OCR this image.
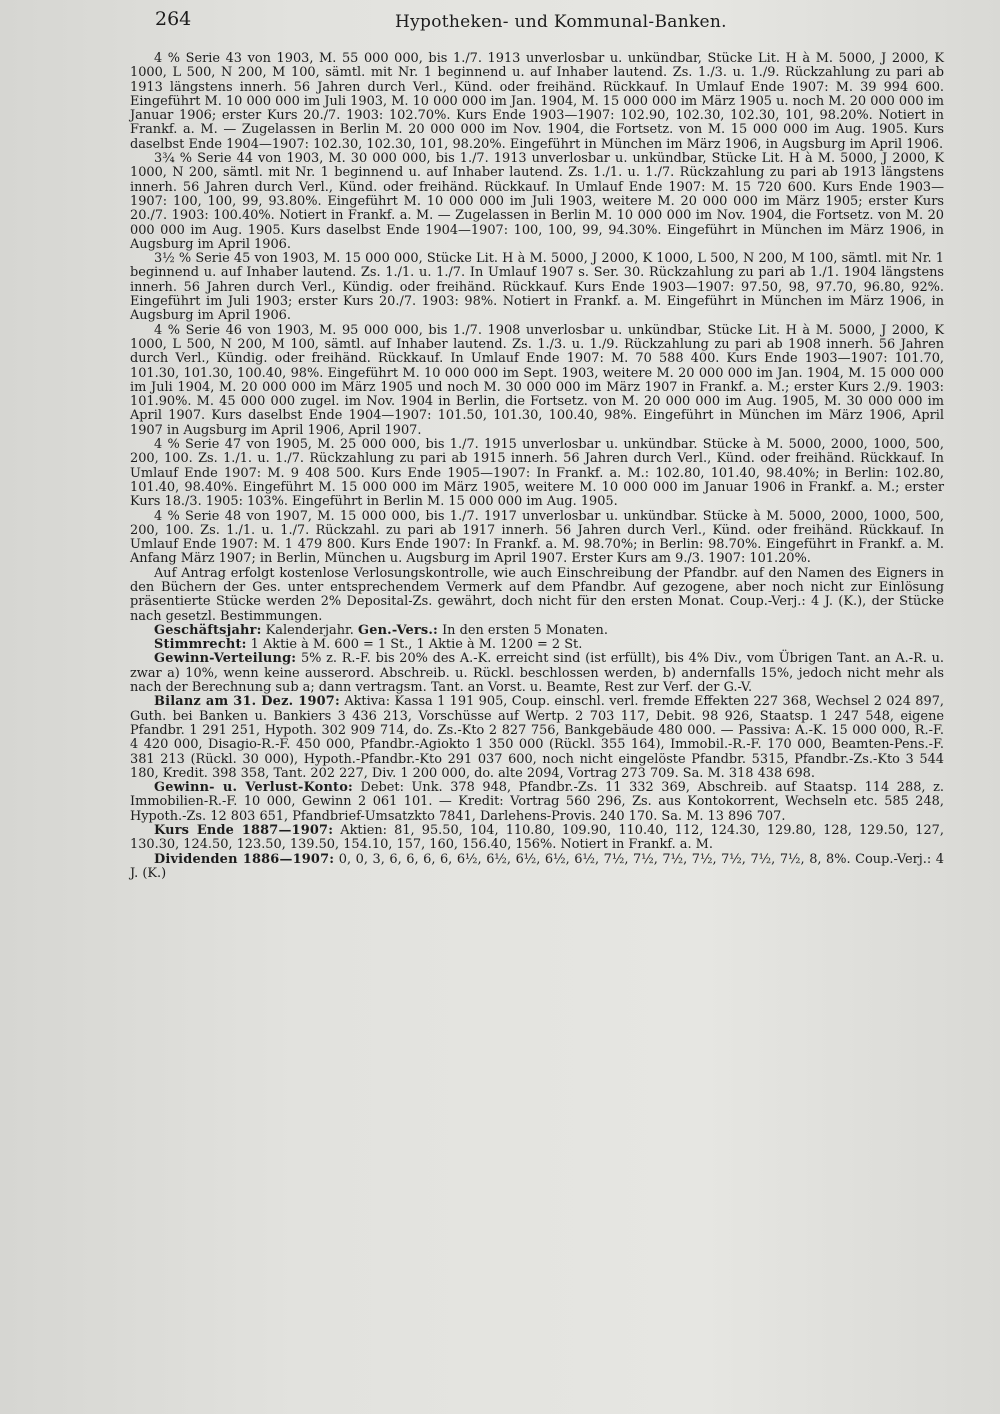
264	Hypotheken- und Kommunal-Banken.

4 % Serie 43 von 1903, M. 55 000 000, bis 1./7. 1913 unverlosbar u. unkündbar, Stücke Lit. H à M. 5000, J 2000, K 1000, L 500, N 200, M 100, sämtl. mit Nr. 1 beginnend u. auf Inhaber lautend. Zs. 1./3. u. 1./9. Rückzahlung zu pari ab 1913 längstens innerh. 56 Jahren durch Verl., Künd. oder freihänd. Rückkauf. In Umlauf Ende 1907: M. 39 994 600. Eingeführt M. 10 000 000 im Juli 1903, M. 10 000 000 im Jan. 1904, M. 15 000 000 im März 1905 u. noch M. 20 000 000 im Januar 1906; erster Kurs 20./7. 1903: 102.70%. Kurs Ende 1903—1907: 102.90, 102.30, 102.30, 101, 98.20%. Notiert in Frankf. a. M. — Zugelassen in Berlin M. 20 000 000 im Nov. 1904, die Fortsetz. von M. 15 000 000 im Aug. 1905. Kurs daselbst Ende 1904—1907: 102.30, 102.30, 101, 98.20%. Eingeführt in München im März 1906, in Augsburg im April 1906.

3¾ % Serie 44 von 1903, M. 30 000 000, bis 1./7. 1913 unverlosbar u. unkündbar, Stücke Lit. H à M. 5000, J 2000, K 1000, N 200, sämtl. mit Nr. 1 beginnend u. auf Inhaber lautend. Zs. 1./1. u. 1./7. Rückzahlung zu pari ab 1913 längstens innerh. 56 Jahren durch Verl., Künd. oder freihänd. Rückkauf. In Umlauf Ende 1907: M. 15 720 600. Kurs Ende 1903—1907: 100, 100, 99, 93.80%. Eingeführt M. 10 000 000 im Juli 1903, weitere M. 20 000 000 im März 1905; erster Kurs 20./7. 1903: 100.40%. Notiert in Frankf. a. M. — Zugelassen in Berlin M. 10 000 000 im Nov. 1904, die Fortsetz. von M. 20 000 000 im Aug. 1905. Kurs daselbst Ende 1904—1907: 100, 100, 99, 94.30%. Eingeführt in München im März 1906, in Augsburg im April 1906.

3½ % Serie 45 von 1903, M. 15 000 000, Stücke Lit. H à M. 5000, J 2000, K 1000, L 500, N 200, M 100, sämtl. mit Nr. 1 beginnend u. auf Inhaber lautend. Zs. 1./1. u. 1./7. In Umlauf 1907 s. Ser. 30. Rückzahlung zu pari ab 1./1. 1904 längstens innerh. 56 Jahren durch Verl., Kündig. oder freihänd. Rückkauf. Kurs Ende 1903—1907: 97.50, 98, 97.70, 96.80, 92%. Eingeführt im Juli 1903; erster Kurs 20./7. 1903: 98%. Notiert in Frankf. a. M. Eingeführt in München im März 1906, in Augsburg im April 1906.

4 % Serie 46 von 1903, M. 95 000 000, bis 1./7. 1908 unverlosbar u. unkündbar, Stücke Lit. H à M. 5000, J 2000, K 1000, L 500, N 200, M 100, sämtl. auf Inhaber lautend. Zs. 1./3. u. 1./9. Rückzahlung zu pari ab 1908 innerh. 56 Jahren durch Verl., Kündig. oder freihänd. Rückkauf. In Umlauf Ende 1907: M. 70 588 400. Kurs Ende 1903—1907: 101.70, 101.30, 101.30, 100.40, 98%. Eingeführt M. 10 000 000 im Sept. 1903, weitere M. 20 000 000 im Jan. 1904, M. 15 000 000 im Juli 1904, M. 20 000 000 im März 1905 und noch M. 30 000 000 im März 1907 in Frankf. a. M.; erster Kurs 2./9. 1903: 101.90%. M. 45 000 000 zugel. im Nov. 1904 in Berlin, die Fortsetz. von M. 20 000 000 im Aug. 1905, M. 30 000 000 im April 1907. Kurs daselbst Ende 1904—1907: 101.50, 101.30, 100.40, 98%. Eingeführt in München im März 1906, April 1907 in Augsburg im April 1906, April 1907.

4 % Serie 47 von 1905, M. 25 000 000, bis 1./7. 1915 unverlosbar u. unkündbar. Stücke à M. 5000, 2000, 1000, 500, 200, 100. Zs. 1./1. u. 1./7. Rückzahlung zu pari ab 1915 innerh. 56 Jahren durch Verl., Künd. oder freihänd. Rückkauf. In Umlauf Ende 1907: M. 9 408 500. Kurs Ende 1905—1907: In Frankf. a. M.: 102.80, 101.40, 98.40%; in Berlin: 102.80, 101.40, 98.40%. Eingeführt M. 15 000 000 im März 1905, weitere M. 10 000 000 im Januar 1906 in Frankf. a. M.; erster Kurs 18./3. 1905: 103%. Eingeführt in Berlin M. 15 000 000 im Aug. 1905.

4 % Serie 48 von 1907, M. 15 000 000, bis 1./7. 1917 unverlosbar u. unkündbar. Stücke à M. 5000, 2000, 1000, 500, 200, 100. Zs. 1./1. u. 1./7. Rückzahl. zu pari ab 1917 innerh. 56 Jahren durch Verl., Künd. oder freihänd. Rückkauf. In Umlauf Ende 1907: M. 1 479 800. Kurs Ende 1907: In Frankf. a. M. 98.70%; in Berlin: 98.70%. Eingeführt in Frankf. a. M. Anfang März 1907; in Berlin, München u. Augsburg im April 1907. Erster Kurs am 9./3. 1907: 101.20%.

Auf Antrag erfolgt kostenlose Verlosungskontrolle, wie auch Einschreibung der Pfandbr. auf den Namen des Eigners in den Büchern der Ges. unter entsprechendem Vermerk auf dem Pfandbr. Auf gezogene, aber noch nicht zur Einlösung präsentierte Stücke werden 2% Deposital-Zs. gewährt, doch nicht für den ersten Monat. Coup.-Verj.: 4 J. (K.), der Stücke nach gesetzl. Bestimmungen.

Geschäftsjahr: Kalenderjahr. Gen.-Vers.: In den ersten 5 Monaten.

Stimmrecht: 1 Aktie à M. 600 = 1 St., 1 Aktie à M. 1200 = 2 St.

Gewinn-Verteilung: 5% z. R.-F. bis 20% des A.-K. erreicht sind (ist erfüllt), bis 4% Div., vom Übrigen Tant. an A.-R. u. zwar a) 10%, wenn keine ausserord. Abschreib. u. Rückl. beschlossen werden, b) andernfalls 15%, jedoch nicht mehr als nach der Berechnung sub a; dann vertragsm. Tant. an Vorst. u. Beamte, Rest zur Verf. der G.-V.

Bilanz am 31. Dez. 1907: Aktiva: Kassa 1 191 905, Coup. einschl. verl. fremde Effekten 227 368, Wechsel 2 024 897, Guth. bei Banken u. Bankiers 3 436 213, Vorschüsse auf Wertp. 2 703 117, Debit. 98 926, Staatsp. 1 247 548, eigene Pfandbr. 1 291 251, Hypoth. 302 909 714, do. Zs.-Kto 2 827 756, Bankgebäude 480 000. — Passiva: A.-K. 15 000 000, R.-F. 4 420 000, Disagio-R.-F. 450 000, Pfandbr.-Agiokto 1 350 000 (Rückl. 355 164), Immobil.-R.-F. 170 000, Beamten-Pens.-F. 381 213 (Rückl. 30 000), Hypoth.-Pfandbr.-Kto 291 037 600, noch nicht eingelöste Pfandbr. 5315, Pfandbr.-Zs.-Kto 3 544 180, Kredit. 398 358, Tant. 202 227, Div. 1 200 000, do. alte 2094, Vortrag 273 709. Sa. M. 318 438 698.

Gewinn- u. Verlust-Konto: Debet: Unk. 378 948, Pfandbr.-Zs. 11 332 369, Abschreib. auf Staatsp. 114 288, z. Immobilien-R.-F. 10 000, Gewinn 2 061 101. — Kredit: Vortrag 560 296, Zs. aus Kontokorrent, Wechseln etc. 585 248, Hypoth.-Zs. 12 803 651, Pfandbrief-Umsatzkto 7841, Darlehens-Provis. 240 170. Sa. M. 13 896 707.

Kurs Ende 1887—1907: Aktien: 81, 95.50, 104, 110.80, 109.90, 110.40, 112, 124.30, 129.80, 128, 129.50, 127, 130.30, 124.50, 123.50, 139.50, 154.10, 157, 160, 156.40, 156%. Notiert in Frankf. a. M.

Dividenden 1886—1907: 0, 0, 3, 6, 6, 6, 6, 6½, 6½, 6½, 6½, 6½, 7½, 7½, 7½, 7½, 7½, 7½, 7½, 8, 8%. Coup.-Verj.: 4 J. (K.)
